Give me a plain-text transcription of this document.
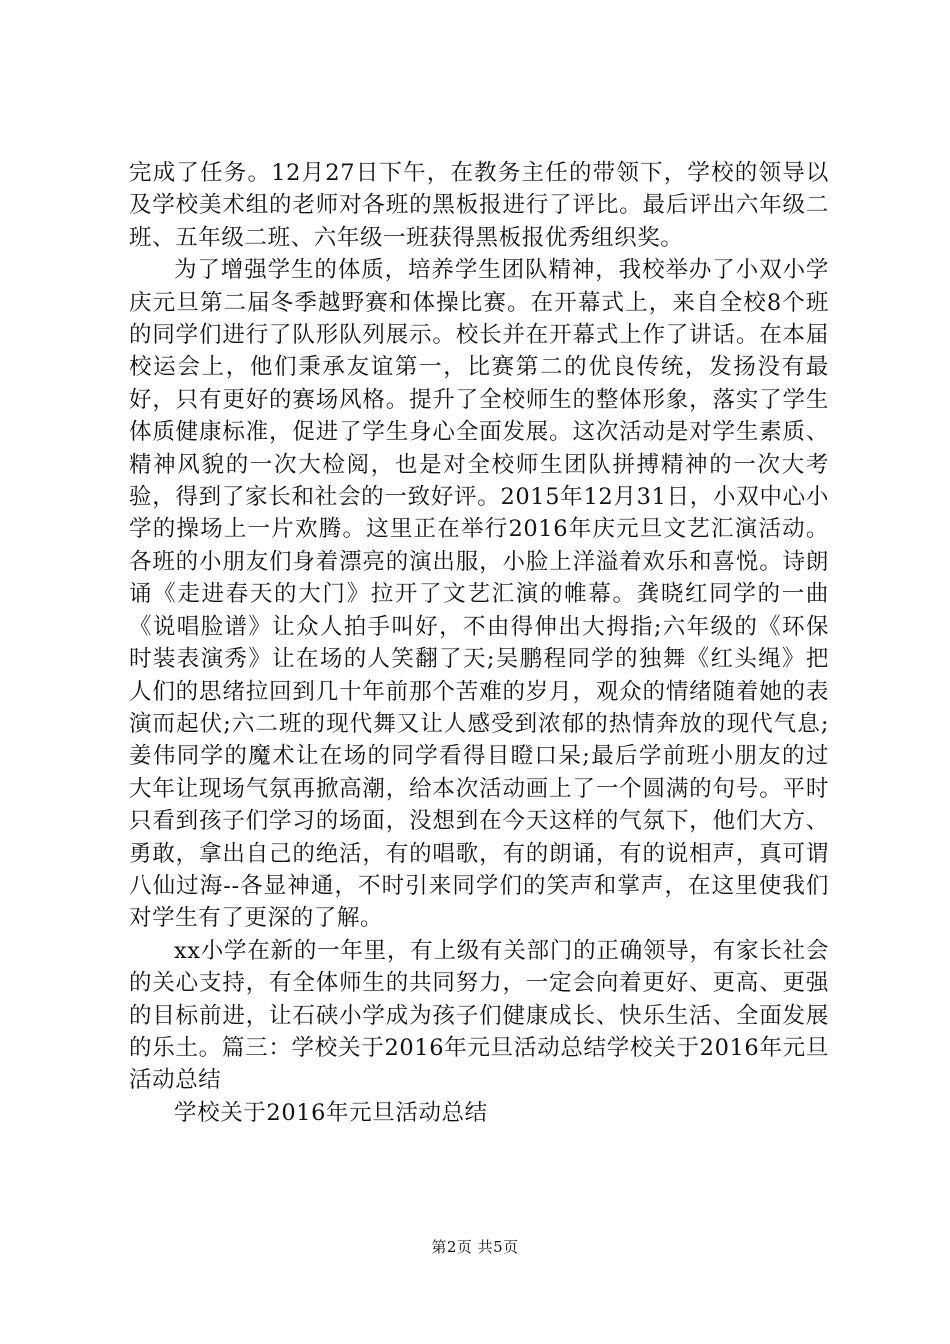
完成了任务。12月27日下午，在教务主任的带领下，学校的领导以及学校美术组的老师对各班的黑板报进行了评比。最后评出六年级二班、五年级二班、六年级一班获得黑板报优秀组织奖。

为了增强学生的体质，培养学生团队精神，我校举办了小双小学庆元旦第二届冬季越野赛和体操比赛。在开幕式上，来自全校8个班的同学们进行了队形队列展示。校长并在开幕式上作了讲话。在本届校运会上，他们秉承友谊第一，比赛第二的优良传统，发扬没有最好，只有更好的赛场风格。提升了全校师生的整体形象，落实了学生体质健康标准，促进了学生身心全面发展。这次活动是对学生素质、精神风貌的一次大检阅，也是对全校师生团队拼搏精神的一次大考验，得到了家长和社会的一致好评。2015年12月31日，小双中心小学的操场上一片欢腾。这里正在举行2016年庆元旦文艺汇演活动。各班的小朋友们身着漂亮的演出服，小脸上洋溢着欢乐和喜悦。诗朗诵《走进春天的大门》拉开了文艺汇演的帷幕。龚晓红同学的一曲《说唱脸谱》让众人拍手叫好，不由得伸出大拇指;六年级的《环保时装表演秀》让在场的人笑翻了天;吴鹏程同学的独舞《红头绳》把人们的思绪拉回到几十年前那个苦难的岁月，观众的情绪随着她的表演而起伏;六二班的现代舞又让人感受到浓郁的热情奔放的现代气息;姜伟同学的魔术让在场的同学看得目瞪口呆;最后学前班小朋友的过大年让现场气氛再掀高潮，给本次活动画上了一个圆满的句号。平时只看到孩子们学习的场面，没想到在今天这样的气氛下，他们大方、勇敢，拿出自己的绝活，有的唱歌，有的朗诵，有的说相声，真可谓八仙过海--各显神通，不时引来同学们的笑声和掌声，在这里使我们对学生有了更深的了解。

xx小学在新的一年里，有上级有关部门的正确领导，有家长社会的关心支持，有全体师生的共同努力，一定会向着更好、更高、更强的目标前进，让石硖小学成为孩子们健康成长、快乐生活、全面发展的乐土。篇三：学校关于2016年元旦活动总结学校关于2016年元旦活动总结

学校关于2016年元旦活动总结

第2页 共5页
